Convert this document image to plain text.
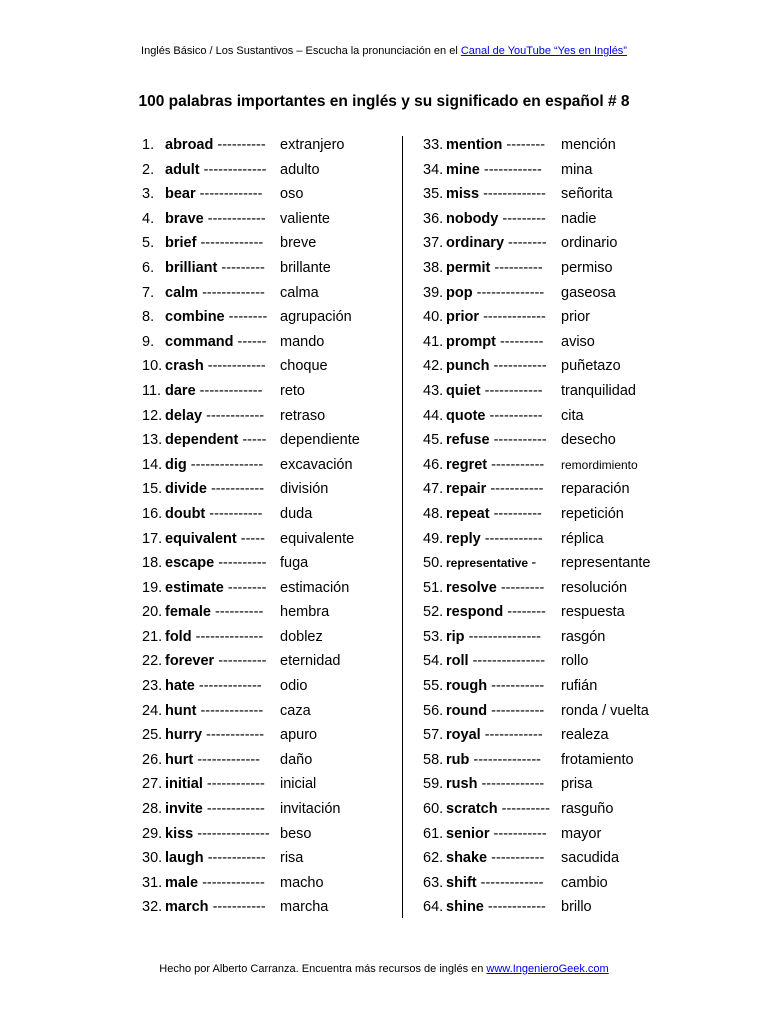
Inglés Básico / Los Sustantivos – Escucha la pronunciación en el Canal de YouTube “Yes en Inglés”
100 palabras importantes en inglés y su significado en español # 8
1. abroad ---------- extranjero
2. adult ------------- adulto
3. bear ------------- oso
4. brave ------------ valiente
5. brief ------------- breve
6. brilliant --------- brillante
7. calm ------------- calma
8. combine -------- agrupación
9. command ------ mando
10. crash ------------ choque
11. dare ------------- reto
12. delay ------------ retraso
13. dependent ----- dependiente
14. dig --------------- excavación
15. divide ----------- división
16. doubt ----------- duda
17. equivalent ----- equivalente
18. escape ---------- fuga
19. estimate -------- estimación
20. female ---------- hembra
21. fold -------------- doblez
22. forever ---------- eternidad
23. hate ------------- odio
24. hunt ------------- caza
25. hurry ------------ apuro
26. hurt ------------- daño
27. initial ------------ inicial
28. invite ------------ invitación
29. kiss --------------- beso
30. laugh ------------ risa
31. male ------------- macho
32. march ----------- marcha
33. mention -------- mención
34. mine ------------ mina
35. miss ------------- señorita
36. nobody --------- nadie
37. ordinary -------- ordinario
38. permit ---------- permiso
39. pop -------------- gaseosa
40. prior ------------- prior
41. prompt --------- aviso
42. punch ----------- puñetazo
43. quiet ------------ tranquilidad
44. quote ----------- cita
45. refuse ----------- desecho
46. regret ----------- remordimiento
47. repair ----------- reparación
48. repeat ---------- repetición
49. reply ------------ réplica
50. representative - representante
51. resolve --------- resolución
52. respond -------- respuesta
53. rip --------------- rasgón
54. roll --------------- rollo
55. rough ----------- rufián
56. round ----------- ronda / vuelta
57. royal ------------ realeza
58. rub -------------- frotamiento
59. rush ------------- prisa
60. scratch ---------- rasguño
61. senior ----------- mayor
62. shake ----------- sacudida
63. shift ------------- cambio
64. shine ------------ brillo
Hecho por Alberto Carranza. Encuentra más recursos de inglés en www.IngenieroGeek.com
